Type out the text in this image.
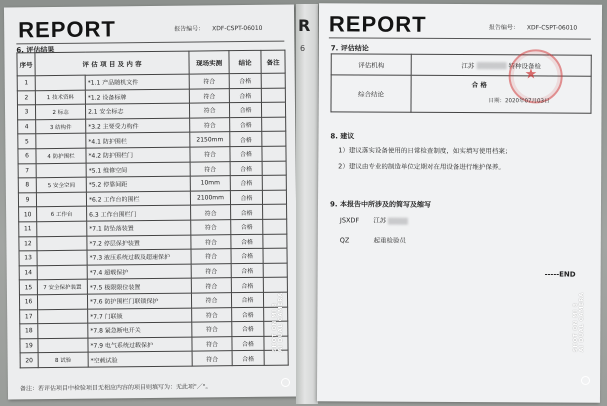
REPORT	报告编号： XDF-CSPT-06010
6. 评估结果
序号	评 估 项 目 及 内 容		现场实测	结论	备注
1		*1.1 产品随机文件	符合	合格	
2	1 技术资料	*1.2 设备标牌	符合	合格	
3	2 标志	2.1 安全标志	符合	合格	
4	3 结构件	*3.2 主要受力构件	符合	合格	
5		*4.1 防护围栏	2150mm	合格	
6	4 防护围栏	*4.2 防护围栏门	符合	合格	
7		*5.1 维修空间	符合	合格	
8	5 安全空间	*5.2 停靠间距	10mm	合格	
9		*6.2 工作台的围栏	2100mm	合格	
10	6 工作台	6.3 工作台围栏门	符合	合格	
11		*7.1 防坠落装置	符合	合格	
12		*7.2 停层保护装置	符合	合格	
13		*7.3 液压系统过载及超速保护	符合	合格	
14		*7.4 超载保护	符合	合格	
15	7 安全保护装置	*7.5 极限限位装置	符合	合格	
16		*7.6 防护围栏门联锁保护	符合	合格	
17		*7.7 门联锁	符合	合格	
18		*7.8 紧急断电开关	符合	合格	
19		*7.9 电气系统过载保护	符合	合格	
20	8 试验	*空载试验	符合	合格	
备注：若评估项目中检验项目无相应内容的项目则填写为：无此项"／"。
R
6
REPORT	报告编号： XDF-CSPT-06010
7. 评估结论
评估机构	江苏 特种设备检
综合结论	合 格
★
日期：2020年07月03日
8. 建议
1）建议落实设备使用的日常检查制度，如实填写使用档案；
2）建议由专业的制造单位定期对在用设备进行维护保养。
9. 本报告中所涉及的简写及缩写
JSXDF 江苏
QZ	起重检验员
-----END
SHOT ON MI 8 AI DUAL CAMERA	SHOT ON MI 8 AI DUAL CAMERA
